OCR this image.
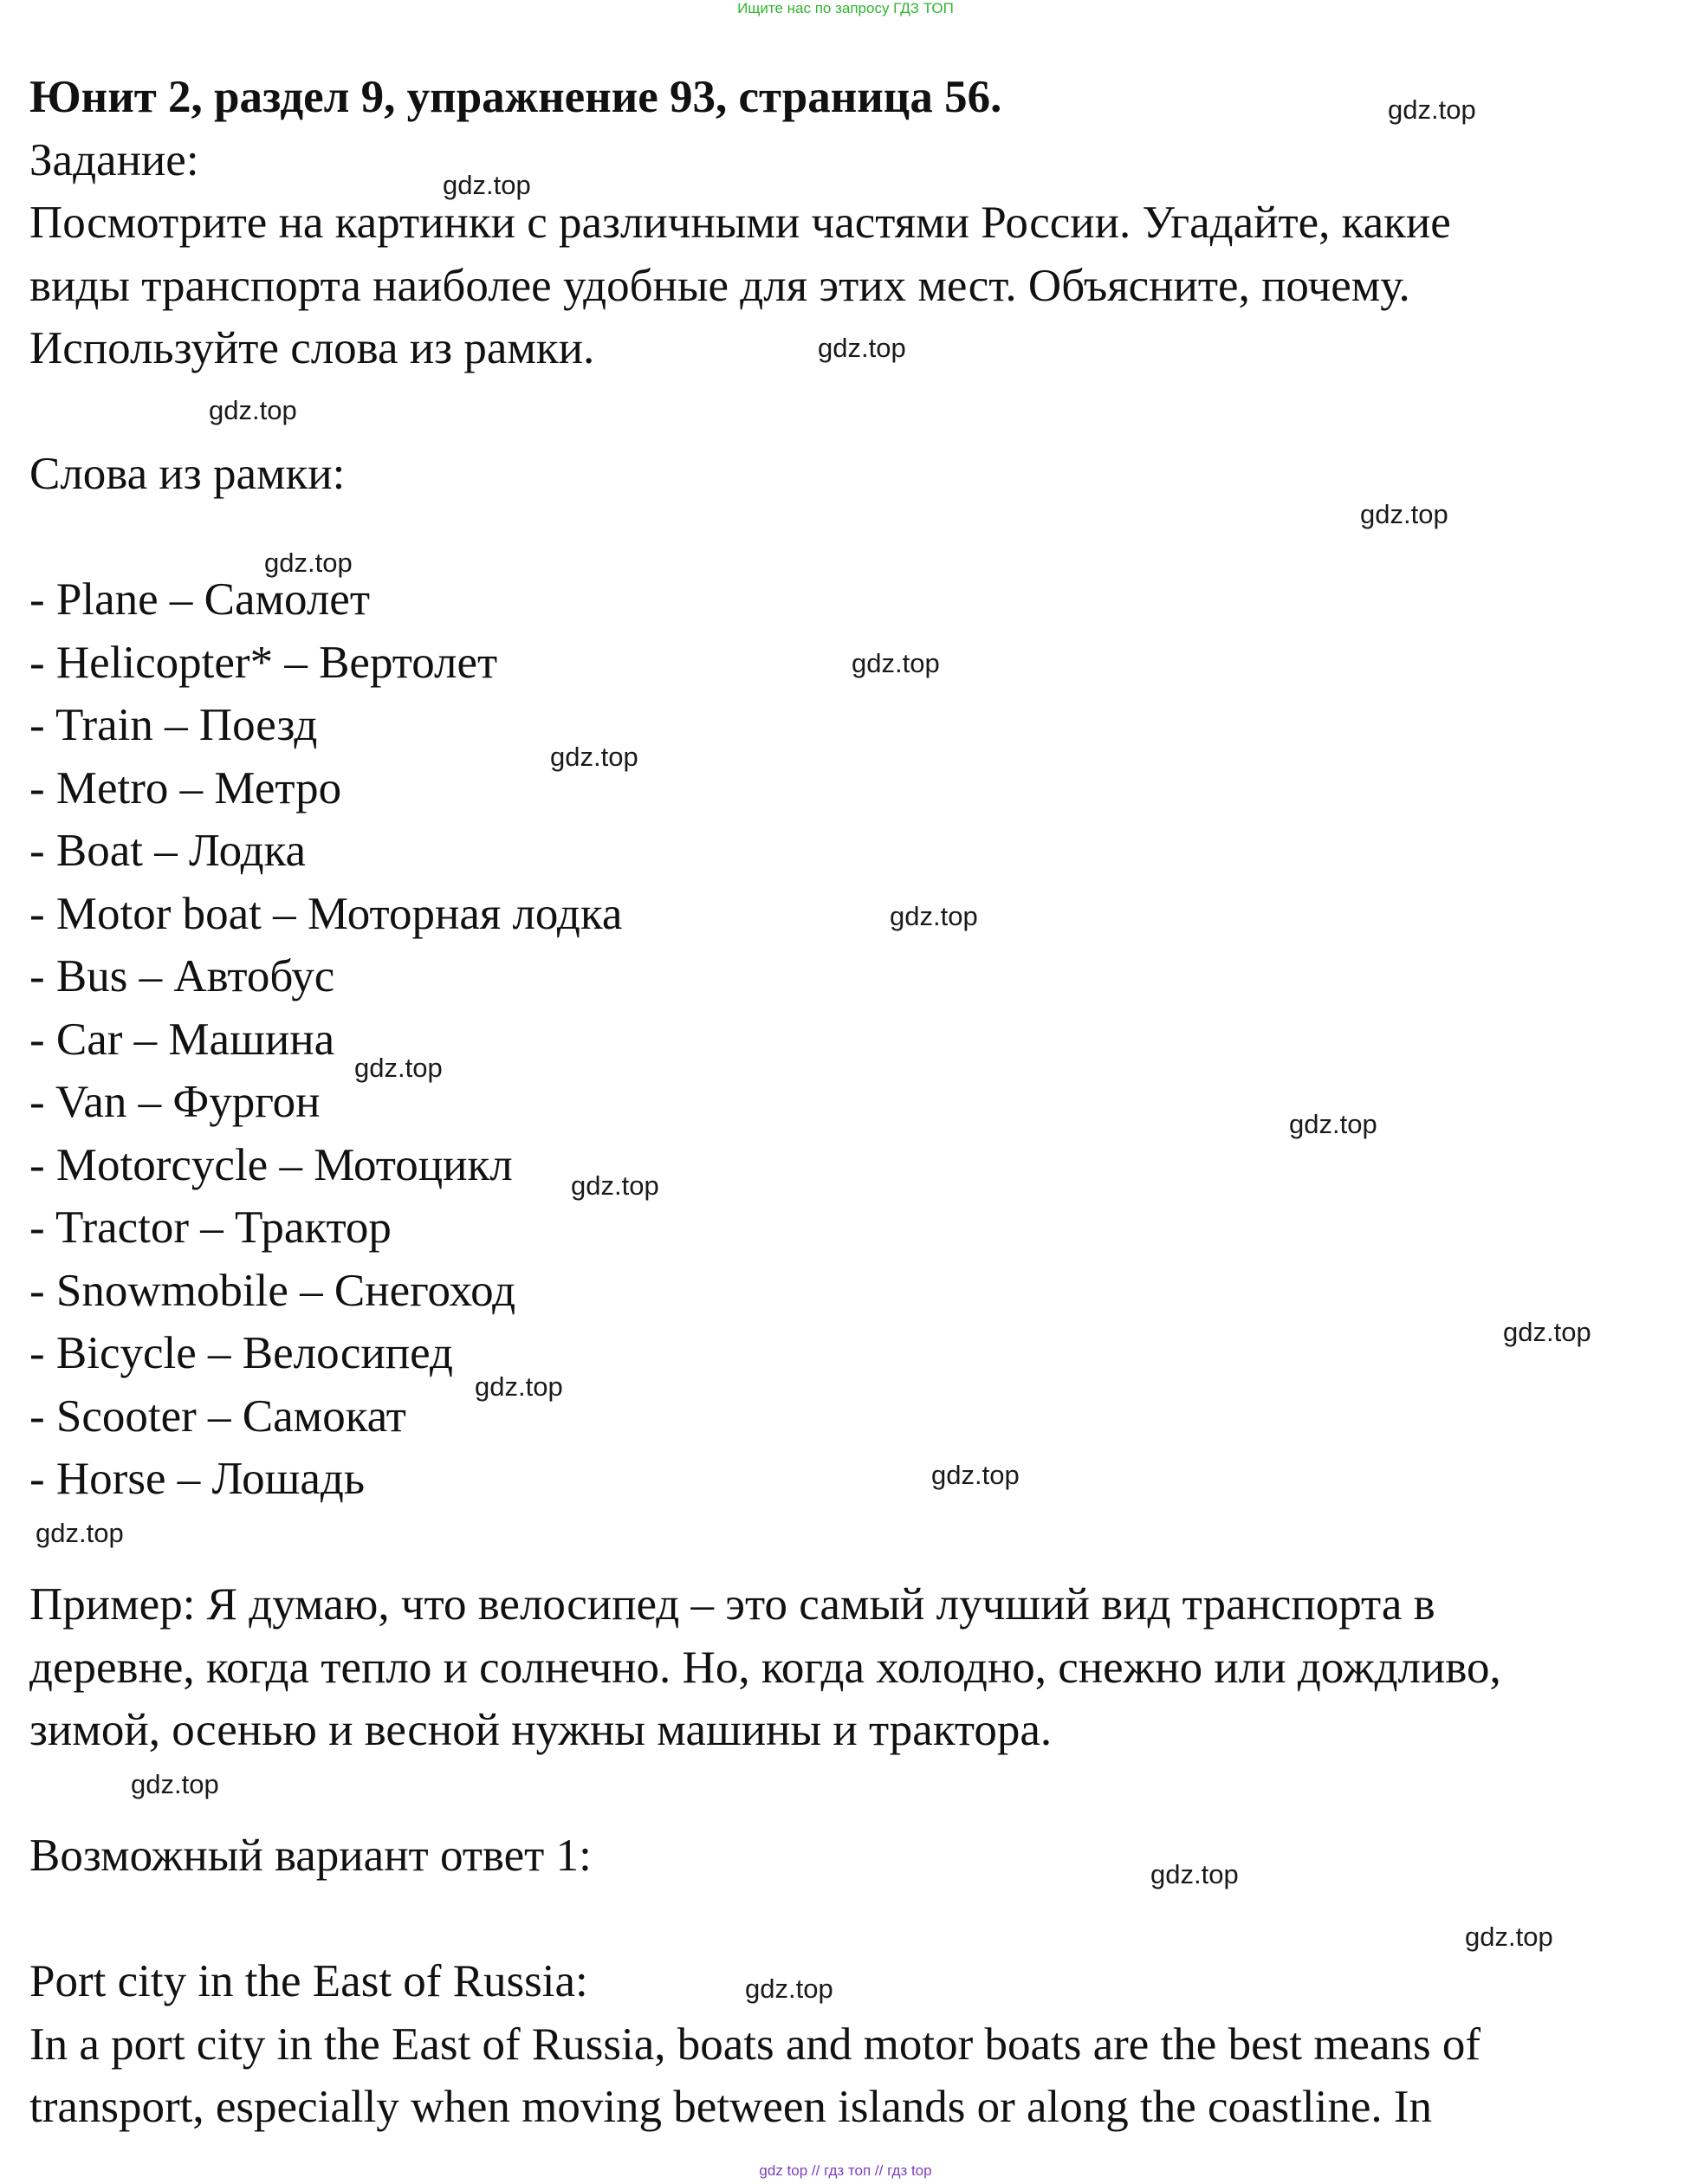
Ищите нас по запросу ГДЗ ТОП

Юнит 2, раздел 9, упражнение 93, страница 56.

Задание:

Посмотрите на картинки с различными частями России. Угадайте, какие

виды транспорта наиболее удобные для этих мест. Объясните, почему.

Используйте слова из рамки.

Слова из рамки:

- Plane – Самолет
- Helicopter* – Вертолет
- Train – Поезд
- Metro – Метро
- Boat – Лодка
- Motor boat – Моторная лодка
- Bus – Автобус
- Car – Машина
- Van – Фургон
- Motorcycle – Мотоцикл
- Tractor – Трактор
- Snowmobile – Снегоход
- Bicycle – Велосипед
- Scooter – Самокат
- Horse – Лошадь

Пример: Я думаю, что велосипед – это самый лучший вид транспорта в

деревне, когда тепло и солнечно. Но, когда холодно, снежно или дождливо,

зимой, осенью и весной нужны машины и трактора.

Возможный вариант ответ 1:

Port city in the East of Russia:

In a port city in the East of Russia, boats and motor boats are the best means of

transport, especially when moving between islands or along the coastline. In

gdz.top
gdz.top
gdz.top
gdz.top
gdz.top
gdz.top
gdz.top
gdz.top
gdz.top
gdz.top
gdz.top
gdz.top
gdz.top
gdz.top
gdz.top
gdz.top
gdz.top
gdz.top
gdz.top
gdz.top
gdz top // гдз топ // гдз top
